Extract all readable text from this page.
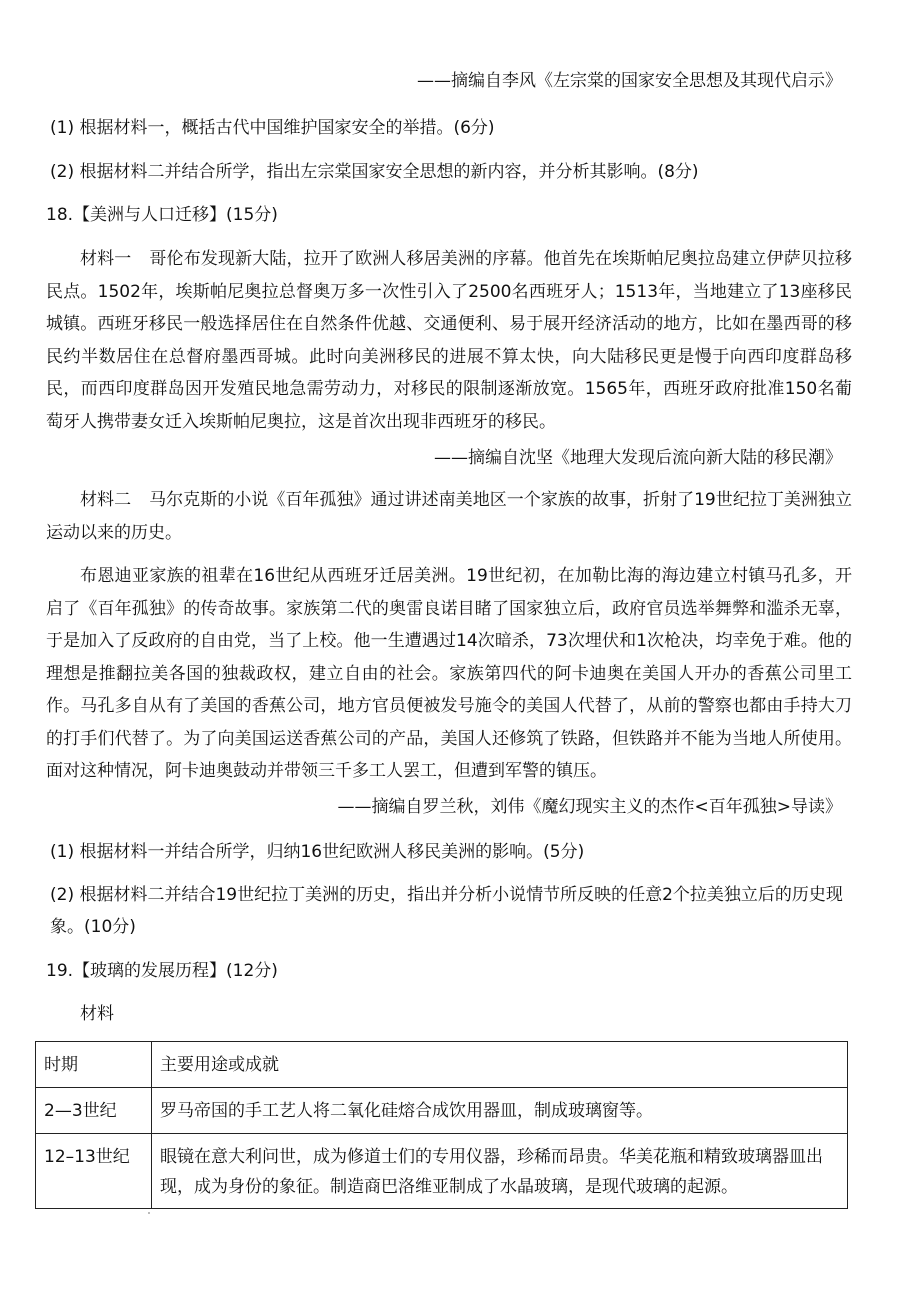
——摘编自李风《左宗棠的国家安全思想及其现代启示》
(1) 根据材料一，概括古代中国维护国家安全的举措。(6分)
(2) 根据材料二并结合所学，指出左宗棠国家安全思想的新内容，并分析其影响。(8分)
18.【美洲与人口迁移】(15分)
材料一 哥伦布发现新大陆，拉开了欧洲人移居美洲的序幕。他首先在埃斯帕尼奥拉岛建立伊萨贝拉移民点。1502年，埃斯帕尼奥拉总督奥万多一次性引入了2500名西班牙人；1513年，当地建立了13座移民城镇。西班牙移民一般选择居住在自然条件优越、交通便利、易于展开经济活动的地方，比如在墨西哥的移民约半数居住在总督府墨西哥城。此时向美洲移民的进展不算太快，向大陆移民更是慢于向西印度群岛移民，而西印度群岛因开发殖民地急需劳动力，对移民的限制逐渐放宽。1565年，西班牙政府批准150名葡萄牙人携带妻女迁入埃斯帕尼奥拉，这是首次出现非西班牙的移民。
——摘编自沈坚《地理大发现后流向新大陆的移民潮》
材料二 马尔克斯的小说《百年孤独》通过讲述南美地区一个家族的故事，折射了19世纪拉丁美洲独立运动以来的历史。
布恩迪亚家族的祖辈在16世纪从西班牙迁居美洲。19世纪初，在加勒比海的海边建立村镇马孔多，开启了《百年孤独》的传奇故事。家族第二代的奥雷良诺目睹了国家独立后，政府官员选举舞弊和滥杀无辜，于是加入了反政府的自由党，当了上校。他一生遭遇过14次暗杀，73次埋伏和1次枪决，均幸免于难。他的理想是推翻拉美各国的独裁政权，建立自由的社会。家族第四代的阿卡迪奥在美国人开办的香蕉公司里工作。马孔多自从有了美国的香蕉公司，地方官员便被发号施令的美国人代替了，从前的警察也都由手持大刀的打手们代替了。为了向美国运送香蕉公司的产品，美国人还修筑了铁路，但铁路并不能为当地人所使用。面对这种情况，阿卡迪奥鼓动并带领三千多工人罢工，但遭到军警的镇压。
——摘编自罗兰秋，刘伟《魔幻现实主义的杰作<百年孤独>导读》
(1) 根据材料一并结合所学，归纳16世纪欧洲人移民美洲的影响。(5分)
(2) 根据材料二并结合19世纪拉丁美洲的历史，指出并分析小说情节所反映的任意2个拉美独立后的历史现象。(10分)
19.【玻璃的发展历程】(12分)
材料
时期	主要用途或成就
2—3世纪	罗马帝国的手工艺人将二氧化硅熔合成饮用器皿，制成玻璃窗等。
12–13世纪	眼镜在意大利问世，成为修道士们的专用仪器，珍稀而昂贵。华美花瓶和精致玻璃器皿出现，成为身份的象征。制造商巴洛维亚制成了水晶玻璃，是现代玻璃的起源。
